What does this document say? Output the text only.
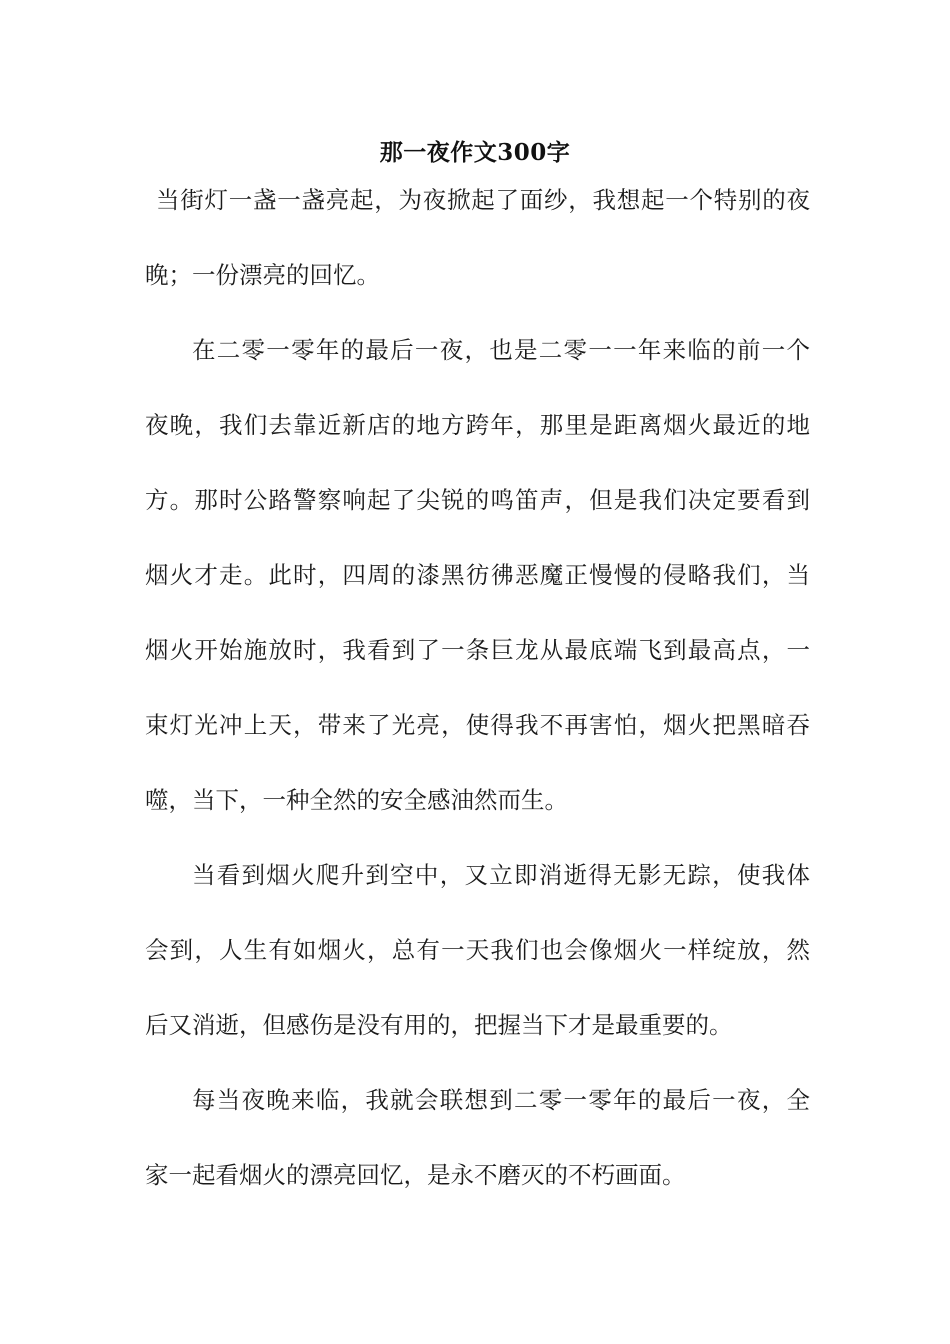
那一夜作文300字
当街灯一盏一盏亮起，为夜掀起了面纱，我想起一个特别的夜
晚；一份漂亮的回忆。
在二零一零年的最后一夜，也是二零一一年来临的前一个
夜晚，我们去靠近新店的地方跨年，那里是距离烟火最近的地
方。那时公路警察响起了尖锐的鸣笛声，但是我们决定要看到
烟火才走。此时，四周的漆黑彷彿恶魔正慢慢的侵略我们，当
烟火开始施放时，我看到了一条巨龙从最底端飞到最高点，一
束灯光冲上天，带来了光亮，使得我不再害怕，烟火把黑暗吞
噬，当下，一种全然的安全感油然而生。
当看到烟火爬升到空中，又立即消逝得无影无踪，使我体
会到，人生有如烟火，总有一天我们也会像烟火一样绽放，然
后又消逝，但感伤是没有用的，把握当下才是最重要的。
每当夜晚来临，我就会联想到二零一零年的最后一夜，全
家一起看烟火的漂亮回忆，是永不磨灭的不朽画面。
